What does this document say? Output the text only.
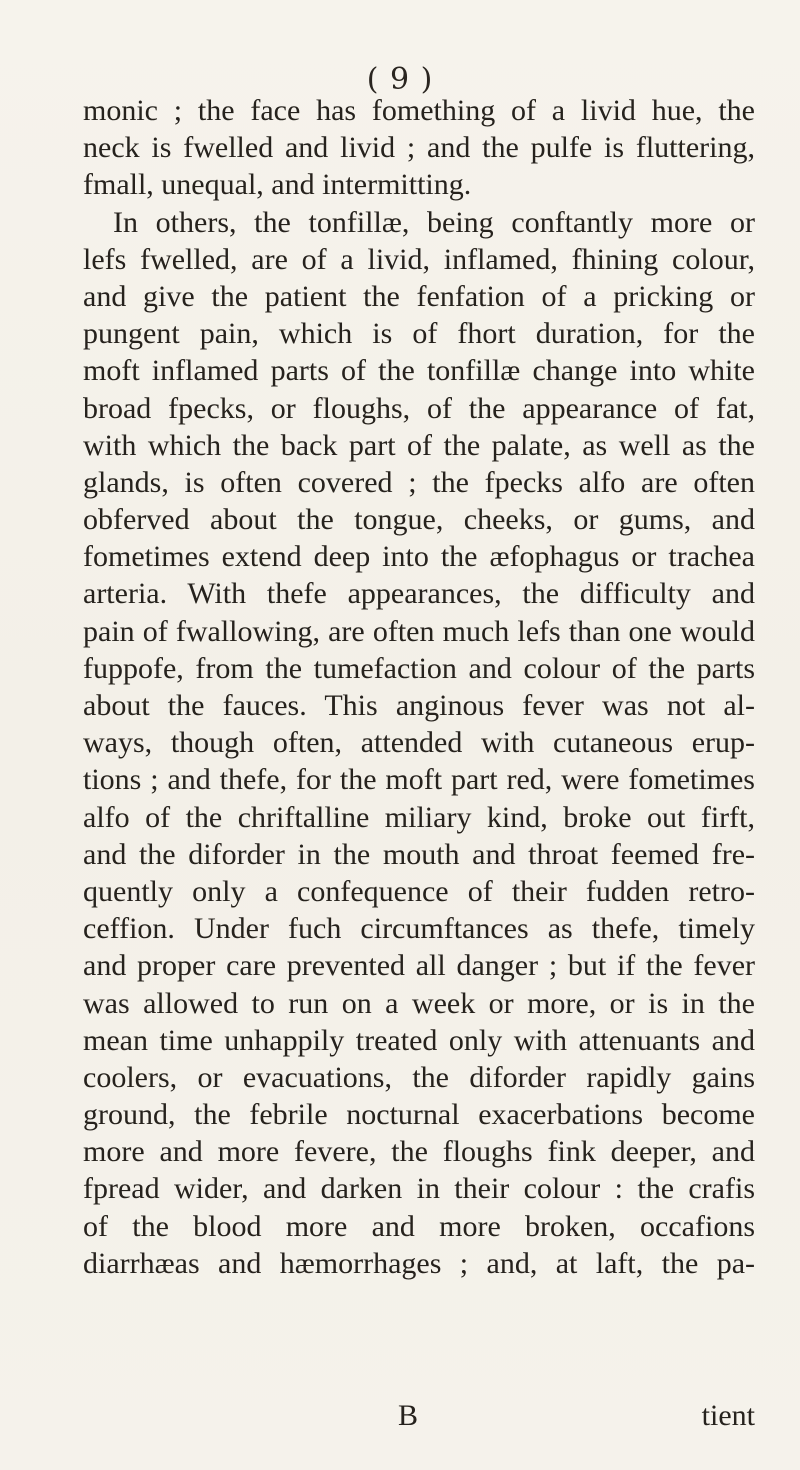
( 9 )
monic ; the face has fomething of a livid hue, the
neck is fwelled and livid ; and the pulfe is fluttering,
fmall, unequal, and intermitting.
In others, the tonfillæ, being conftantly more or
lefs fwelled, are of a livid, inflamed, fhining colour,
and give the patient the fenfation of a pricking or
pungent pain, which is of fhort duration, for the
moft inflamed parts of the tonfillæ change into white
broad fpecks, or floughs, of the appearance of fat,
with which the back part of the palate, as well as the
glands, is often covered ; the fpecks alfo are often
obferved about the tongue, cheeks, or gums, and
fometimes extend deep into the æfophagus or trachea
arteria. With thefe appearances, the difficulty and
pain of fwallowing, are often much lefs than one would
fuppofe, from the tumefaction and colour of the parts
about the fauces. This anginous fever was not al-
ways, though often, attended with cutaneous erup-
tions ; and thefe, for the moft part red, were fometimes
alfo of the chriftalline miliary kind, broke out firft,
and the diforder in the mouth and throat feemed fre-
quently only a confequence of their fudden retro-
ceffion. Under fuch circumftances as thefe, timely
and proper care prevented all danger ; but if the fever
was allowed to run on a week or more, or is in the
mean time unhappily treated only with attenuants and
coolers, or evacuations, the diforder rapidly gains
ground, the febrile nocturnal exacerbations become
more and more fevere, the floughs fink deeper, and
fpread wider, and darken in their colour : the crafis
of the blood more and more broken, occafions
diarrhæas and hæmorrhages ; and, at laft, the pa-
B	tient
